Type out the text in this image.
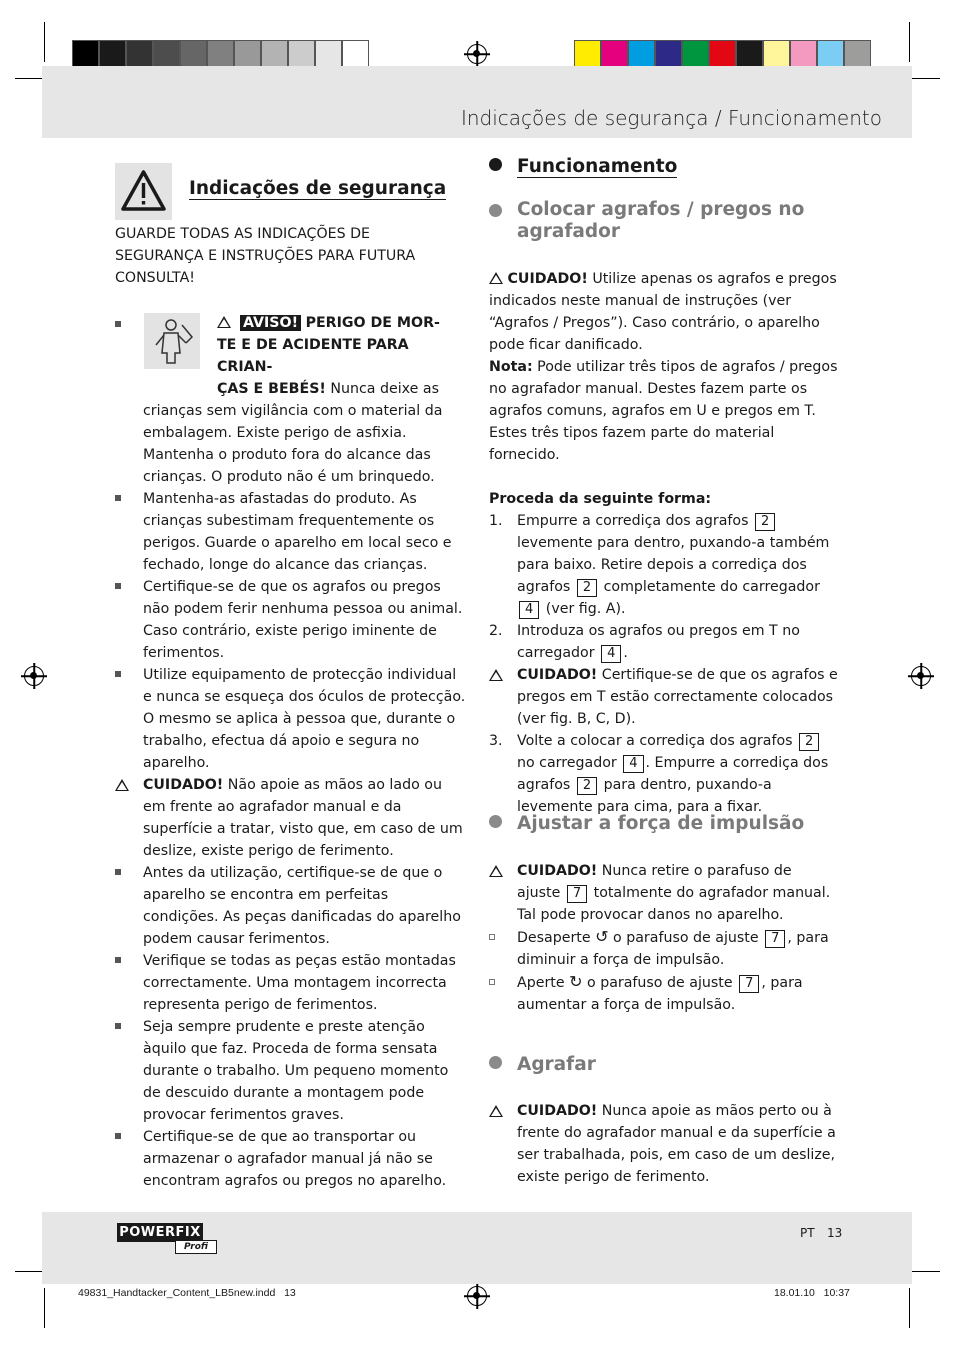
Indicações de segurança / Funcionamento
Indicações de segurança

GUARDE TODAS AS INDICAÇÕES DE SEGURANÇA E INSTRUÇÕES PARA FUTURA CONSULTA!

AVISO! PERIGO DE MOR-
TE E DE ACIDENTE PARA CRIAN-
ÇAS E BEBÉS! Nunca deixe as

crianças sem vigilância com o material da embalagem. Existe perigo de asfixia. Mantenha o produto fora do alcance das crianças. O produto não é um brinquedo.

Mantenha-as afastadas do produto. As crianças subestimam frequentemente os perigos. Guarde o aparelho em local seco e fechado, longe do alcance das crianças.

Certifique-se de que os agrafos ou pregos não podem ferir nenhuma pessoa ou animal. Caso contrário, existe perigo iminente de ferimentos.

Utilize equipamento de protecção individual e nunca se esqueça dos óculos de protecção. O mesmo se aplica à pessoa que, durante o trabalho, efectua dá apoio e segura no aparelho.

CUIDADO! Não apoie as mãos ao lado ou em frente ao agrafador manual e da superfície a tratar, visto que, em caso de um deslize, existe perigo de ferimento.

Antes da utilização, certifique-se de que o aparelho se encontra em perfeitas condições. As peças danificadas do aparelho podem causar ferimentos.

Verifique se todas as peças estão montadas correctamente. Uma montagem incorrecta representa perigo de ferimentos.

Seja sempre prudente e preste atenção àquilo que faz. Proceda de forma sensata durante o trabalho. Um pequeno momento de descuido durante a montagem pode provocar ferimentos graves.

Certifique-se de que ao transportar ou armazenar o agrafador manual já não se encontram agrafos ou pregos no aparelho.

Funcionamento
Colocar agrafos / pregos no agrafador

CUIDADO! Utilize apenas os agrafos e pregos indicados neste manual de instruções (ver “Agrafos / Pregos”). Caso contrário, o aparelho pode ficar danificado.

Nota: Pode utilizar três tipos de agrafos / pregos no agrafador manual. Destes fazem parte os agrafos comuns, agrafos em U e pregos em T. Estes três tipos fazem parte do material fornecido.

Proceda da seguinte forma:

1. Empurre a corrediça dos agrafos 2 levemente para dentro, puxando-a também para baixo. Retire depois a corrediça dos agrafos 2 completamente do carregador 4 (ver fig. A).

2. Introduza os agrafos ou pregos em T no carregador 4 .

CUIDADO! Certifique-se de que os agrafos e pregos em T estão correctamente colocados (ver fig. B, C, D).

3. Volte a colocar a corrediça dos agrafos 2 no carregador 4 . Empurre a corrediça dos agrafos 2 para dentro, puxando-a levemente para cima, para a fixar.

Ajustar a força de impulsão

CUIDADO! Nunca retire o parafuso de ajuste 7 totalmente do agrafador manual. Tal pode provocar danos no aparelho.

Desaperte ↺ o parafuso de ajuste 7 , para diminuir a força de impulsão.

Aperte ↻ o parafuso de ajuste 7 , para aumentar a força de impulsão.

Agrafar

CUIDADO! Nunca apoie as mãos perto ou à frente do agrafador manual e da superfície a ser trabalhada, pois, em caso de um deslize, existe perigo de ferimento.

POWERFIX
Profi
PT 13
49831_Handtacker_Content_LB5new.indd   13	18.01.10   10:37
